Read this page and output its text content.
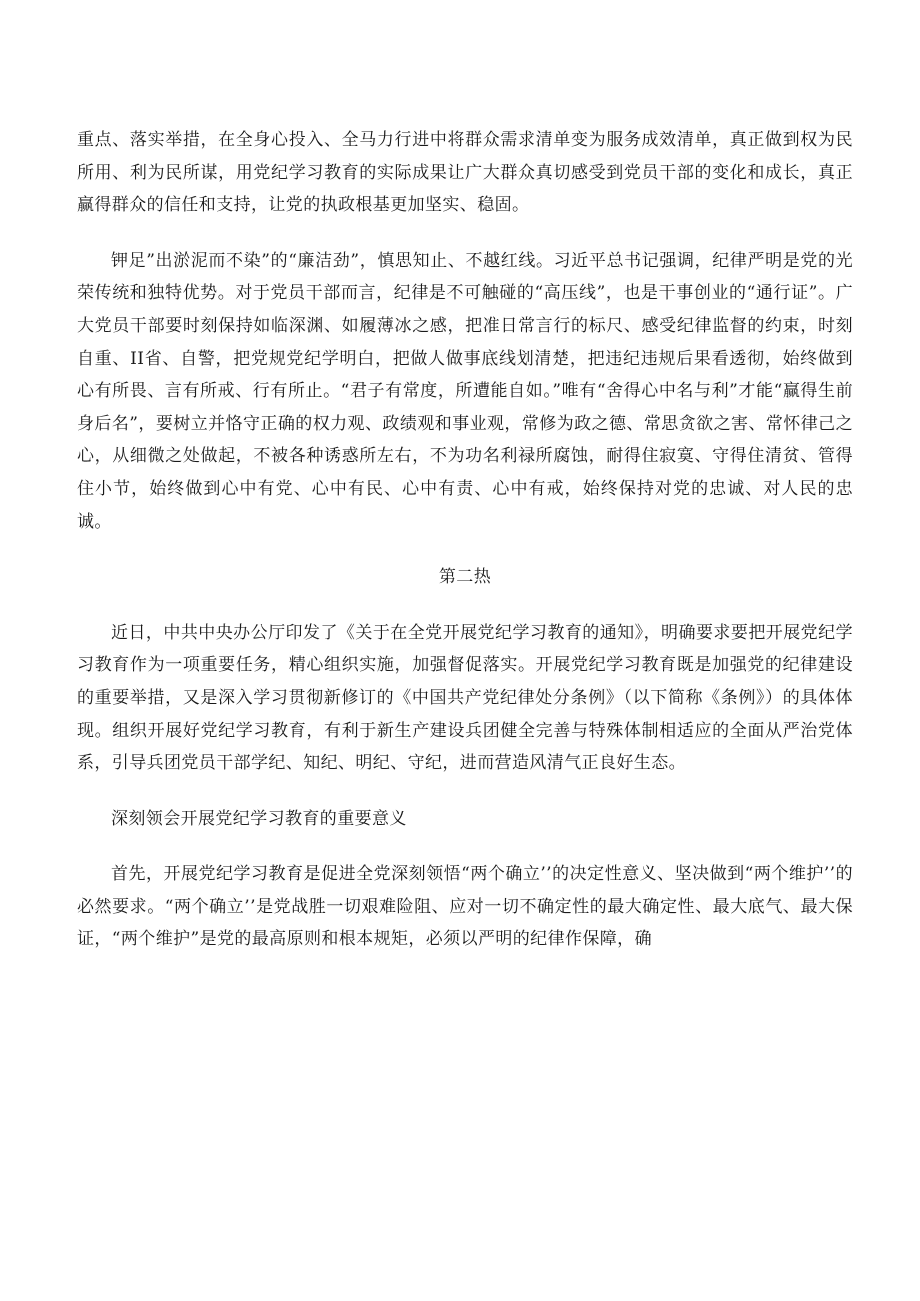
重点、落实举措，在全身心投入、全马力行进中将群众需求清单变为服务成效清单，真正做到权为民所用、利为民所谋，用党纪学习教育的实际成果让广大群众真切感受到党员干部的变化和成长，真正赢得群众的信任和支持，让党的执政根基更加坚实、稳固。

钾足”出淤泥而不染”的“廉洁劲”，慎思知止、不越红线。习近平总书记强调，纪律严明是党的光荣传统和独特优势。对于党员干部而言，纪律是不可触碰的“高压线”，也是干事创业的“通行证”。广大党员干部要时刻保持如临深渊、如履薄冰之感，把准日常言行的标尺、感受纪律监督的约束，时刻自重、II省、自警，把党规党纪学明白，把做人做事底线划清楚，把违纪违规后果看透彻，始终做到心有所畏、言有所戒、行有所止。“君子有常度，所遭能自如。”唯有“舍得心中名与利”才能“赢得生前身后名”，要树立并恪守正确的权力观、政绩观和事业观，常修为政之德、常思贪欲之害、常怀律己之心，从细微之处做起，不被各种诱惑所左右，不为功名利禄所腐蚀，耐得住寂寞、守得住清贫、管得住小节，始终做到心中有党、心中有民、心中有责、心中有戒，始终保持对党的忠诚、对人民的忠诚。

第二热

近日，中共中央办公厅印发了《关于在全党开展党纪学习教育的通知》，明确要求要把开展党纪学习教育作为一项重要任务，精心组织实施，加强督促落实。开展党纪学习教育既是加强党的纪律建设的重要举措，又是深入学习贯彻新修订的《中国共产党纪律处分条例》（以下简称《条例》）的具体体现。组织开展好党纪学习教育，有利于新生产建设兵团健全完善与特殊体制相适应的全面从严治党体系，引导兵团党员干部学纪、知纪、明纪、守纪，进而营造风清气正良好生态。

深刻领会开展党纪学习教育的重要意义

首先，开展党纪学习教育是促进全党深刻领悟“两个确立’’的决定性意义、坚决做到“两个维护’’的必然要求。“两个确立’’是党战胜一切艰难险阻、应对一切不确定性的最大确定性、最大底气、最大保证，“两个维护”是党的最高原则和根本规矩，必须以严明的纪律作保障，确
